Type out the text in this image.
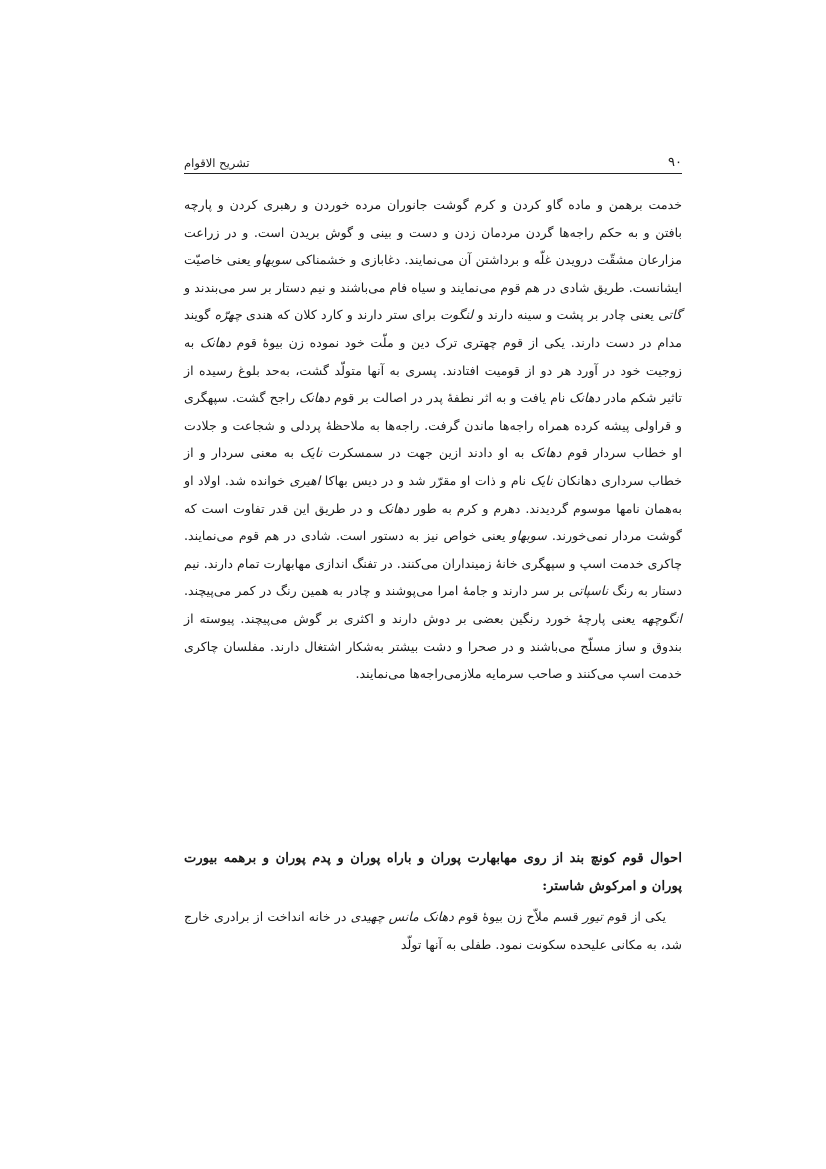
۹۰
تشریح الاقوام

خدمت برهمن و ماده گاو کردن و کرم گوشت جانوران مرده خوردن و رهبری کردن و پارچه بافتن و به حکم راجه‌ها گردن مردمان زدن و دست و بینی و گوش بریدن است. و در زراعت مزارعان مشقّت درویدن غلّه و برداشتن آن می‌نمایند. دغابازی و خشمناکی سوبهاو یعنی خاصیّت ایشانست. طریق شادی در هم قوم می‌نمایند و سیاه فام می‌باشند و نیم دستار بر سر می‌بندند و گاتی یعنی چادر بر پشت و سینه دارند و لنگوت برای ستر دارند و کارد کلان که هندی چهرّه گویند مدام در دست دارند. یکی از قوم چهتری ترک دین و ملّت خود نموده زن بیوهٔ قوم دهانک به زوجیت خود در آورد هر دو از قومیت افتادند. پسری به آنها متولّد گشت، به‌حد بلوغ رسیده از تاثیر شکم مادر دهانک نام یافت و به اثر نطفهٔ پدر در اصالت بر قوم دهانک راجح گشت. سپهگری و قراولی پیشه کرده همراه راجه‌ها ماندن گرفت. راجه‌ها به ملاحظهٔ پردلی و شجاعت و جلادت او خطاب سردار قوم دهانک به او دادند ازین جهت در سمسکرت نایک به معنی سردار و از خطاب سرداری دهانکان نایک نام و ذات او مقرّر شد و در دیس بهاکا اهیری خوانده شد. اولاد او به‌همان نامها موسوم گردیدند. دهرم و کرم به طور دهانک و در طریق این قدر تفاوت است که گوشت مردار نمی‌خورند. سوبهاو یعنی خواص نیز به دستور است. شادی در هم قوم می‌نمایند. چاکری خدمت اسپ و سپهگری خانهٔ زمینداران می‌کنند. در تفنگ اندازی مهابهارت تمام دارند. نیم دستار به رنگ ناسپاتی بر سر دارند و جامهٔ امرا می‌پوشند و چادر به همین رنگ در کمر می‌پیچند. انگوچهه یعنی پارچهٔ خورد رنگین بعضی بر دوش دارند و اکثری بر گوش می‌پیچند. پیوسته از بندوق و ساز مسلّح می‌باشند و در صحرا و دشت بیشتر به‌شکار اشتغال دارند. مفلسان چاکری خدمت اسپ می‌کنند و صاحب سرمایه ملازمی‌راجه‌ها می‌نمایند.

احوال قوم کونچ بند از روی مهابهارت پوران و باراه پوران و پدم پوران و برهمه بیورت پوران و امرکوش شاستر:

یکی از قوم تیور قسم ملاّح زن بیوهٔ قوم دهانک مانس چهیدی در خانه انداخت از برادری خارج شد، به مکانی علیحده سکونت نمود. طفلی به آنها تولّد
